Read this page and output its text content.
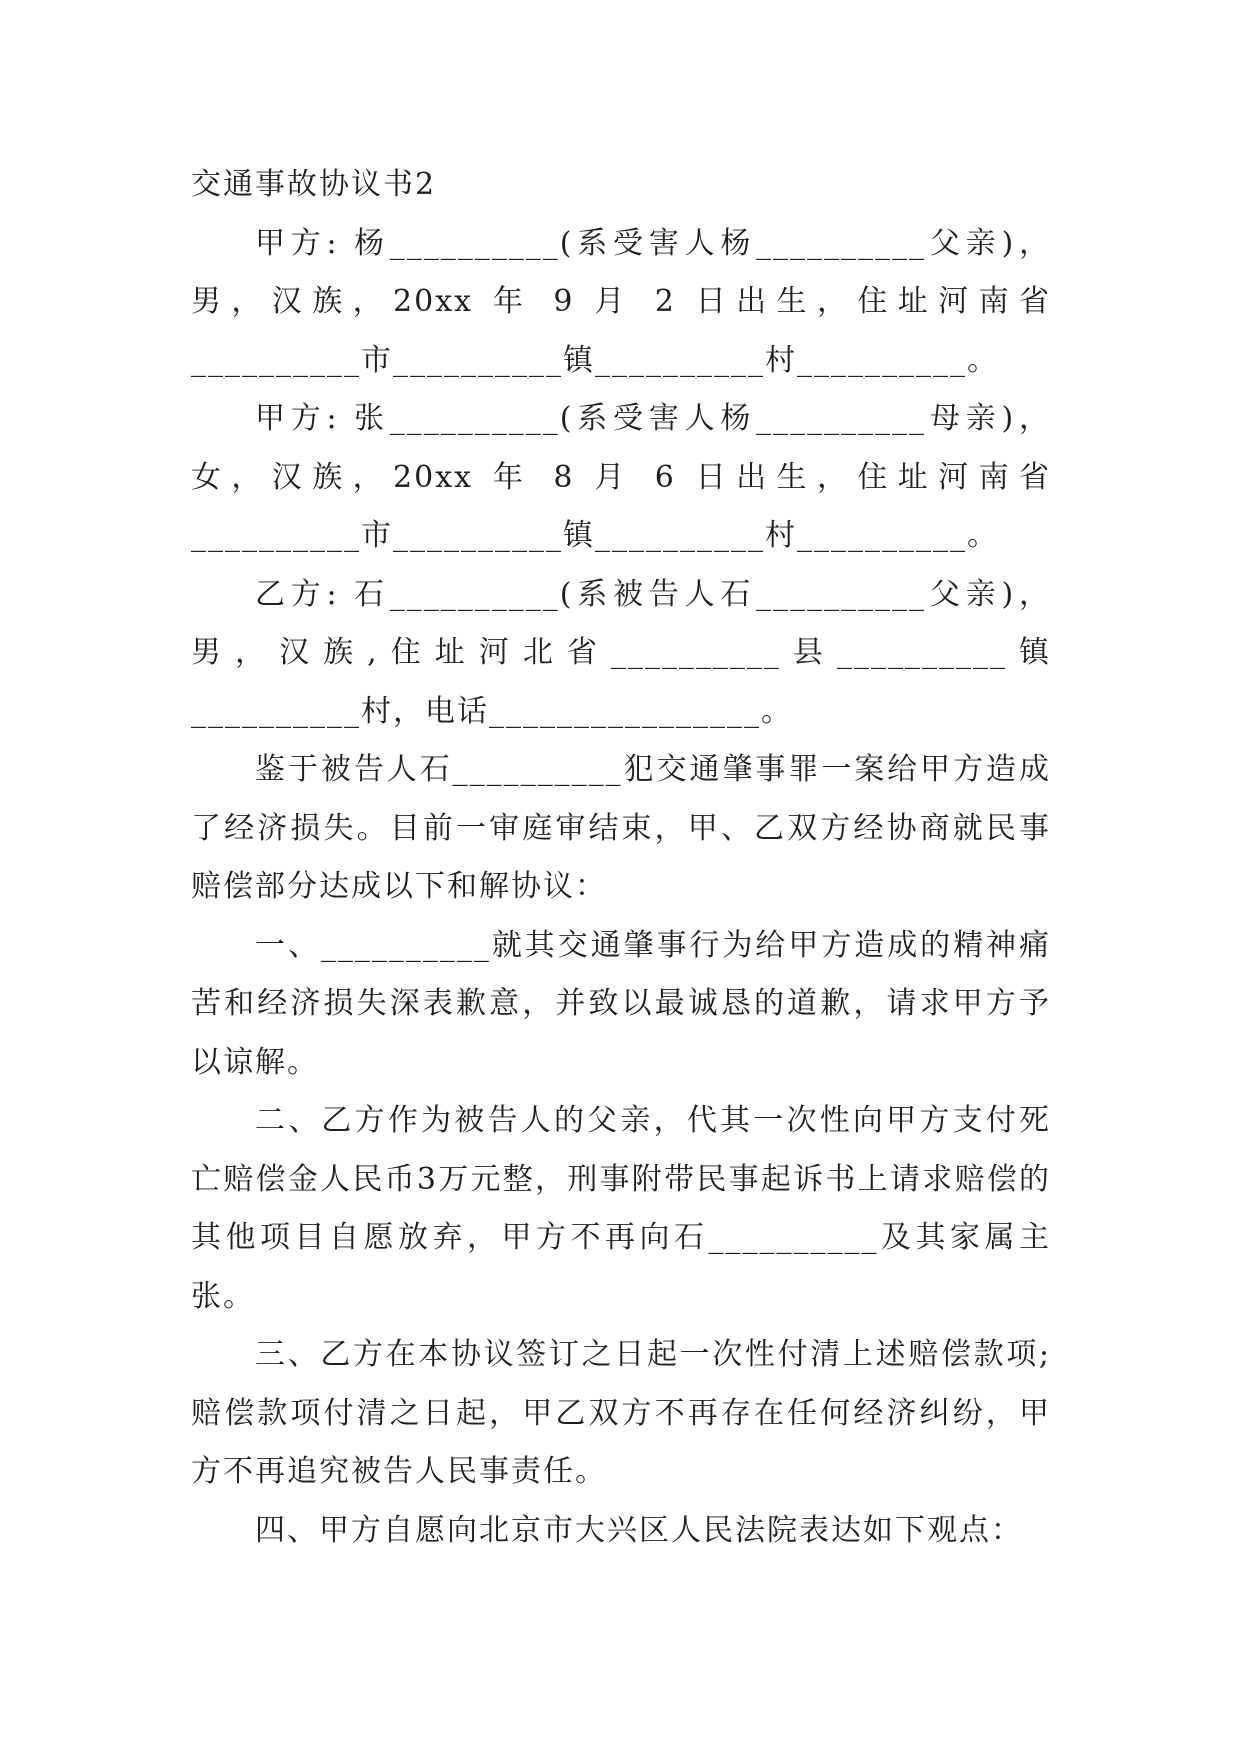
交通事故协议书2

甲方: 杨__________(系受害人杨__________父亲)，男，汉族，20xx 年 9 月 2 日出生，住址河南省__________市__________镇__________村__________。

甲方: 张__________(系受害人杨__________母亲)，女，汉族，20xx 年 8 月 6 日出生，住址河南省__________市__________镇__________村__________。

乙方: 石__________(系被告人石__________父亲)，男，汉族,住址河北省__________县__________镇__________村，电话________________。

鉴于被告人石__________犯交通肇事罪一案给甲方造成了经济损失。目前一审庭审结束，甲、乙双方经协商就民事赔偿部分达成以下和解协议：

一、__________就其交通肇事行为给甲方造成的精神痛苦和经济损失深表歉意，并致以最诚恳的道歉，请求甲方予以谅解。

二、乙方作为被告人的父亲，代其一次性向甲方支付死亡赔偿金人民币3万元整，刑事附带民事起诉书上请求赔偿的其他项目自愿放弃，甲方不再向石__________及其家属主张。

三、乙方在本协议签订之日起一次性付清上述赔偿款项;赔偿款项付清之日起，甲乙双方不再存在任何经济纠纷，甲方不再追究被告人民事责任。

四、甲方自愿向北京市大兴区人民法院表达如下观点：
